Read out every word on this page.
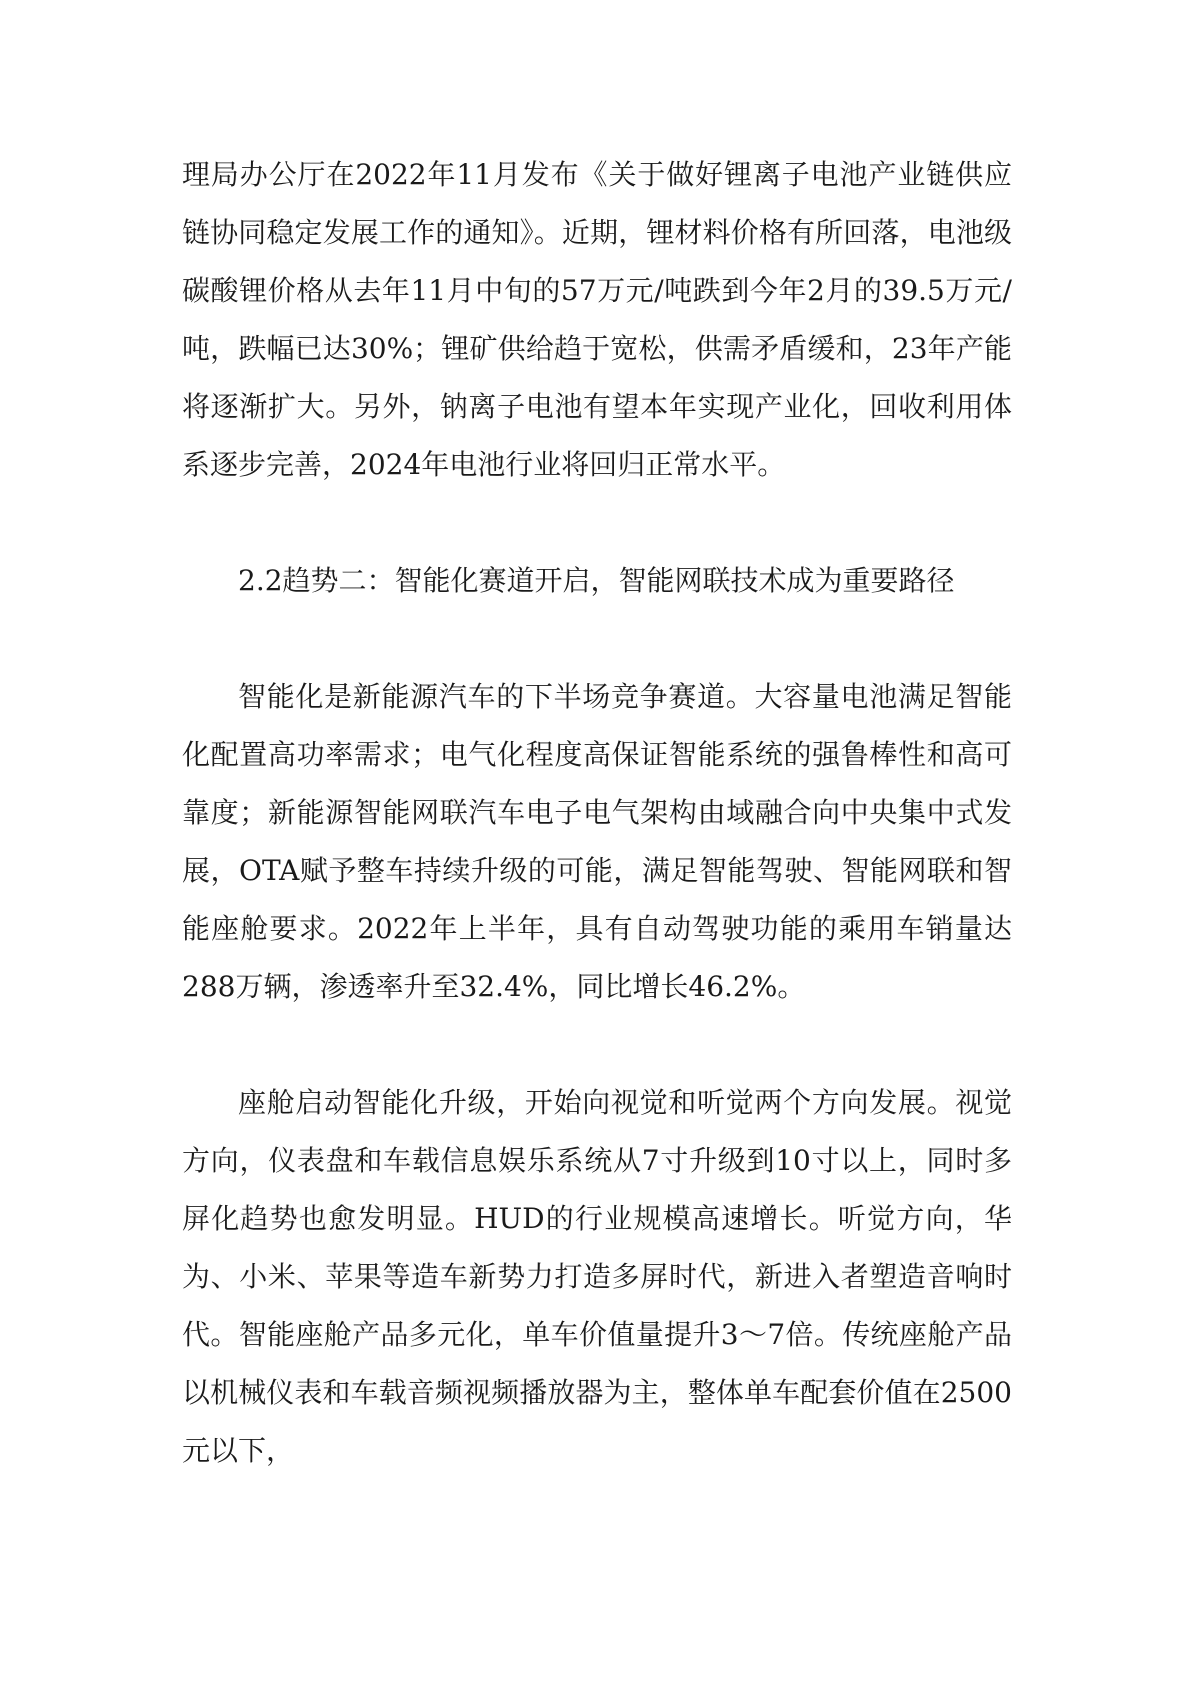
理局办公厅在2022年11月发布《关于做好锂离子电池产业链供应链协同稳定发展工作的通知》。近期，锂材料价格有所回落，电池级碳酸锂价格从去年11月中旬的57万元/吨跌到今年2月的39.5万元/吨，跌幅已达30%；锂矿供给趋于宽松，供需矛盾缓和，23年产能将逐渐扩大。另外，钠离子电池有望本年实现产业化，回收利用体系逐步完善，2024年电池行业将回归正常水平。

2.2趋势二：智能化赛道开启，智能网联技术成为重要路径

智能化是新能源汽车的下半场竞争赛道。大容量电池满足智能化配置高功率需求；电气化程度高保证智能系统的强鲁棒性和高可靠度；新能源智能网联汽车电子电气架构由域融合向中央集中式发展，OTA赋予整车持续升级的可能，满足智能驾驶、智能网联和智能座舱要求。2022年上半年，具有自动驾驶功能的乘用车销量达288万辆，渗透率升至32.4%，同比增长46.2%。

座舱启动智能化升级，开始向视觉和听觉两个方向发展。视觉方向，仪表盘和车载信息娱乐系统从7寸升级到10寸以上，同时多屏化趋势也愈发明显。HUD的行业规模高速增长。听觉方向，华为、小米、苹果等造车新势力打造多屏时代，新进入者塑造音响时代。智能座舱产品多元化，单车价值量提升3～7倍。传统座舱产品以机械仪表和车载音频视频播放器为主，整体单车配套价值在2500元以下，
